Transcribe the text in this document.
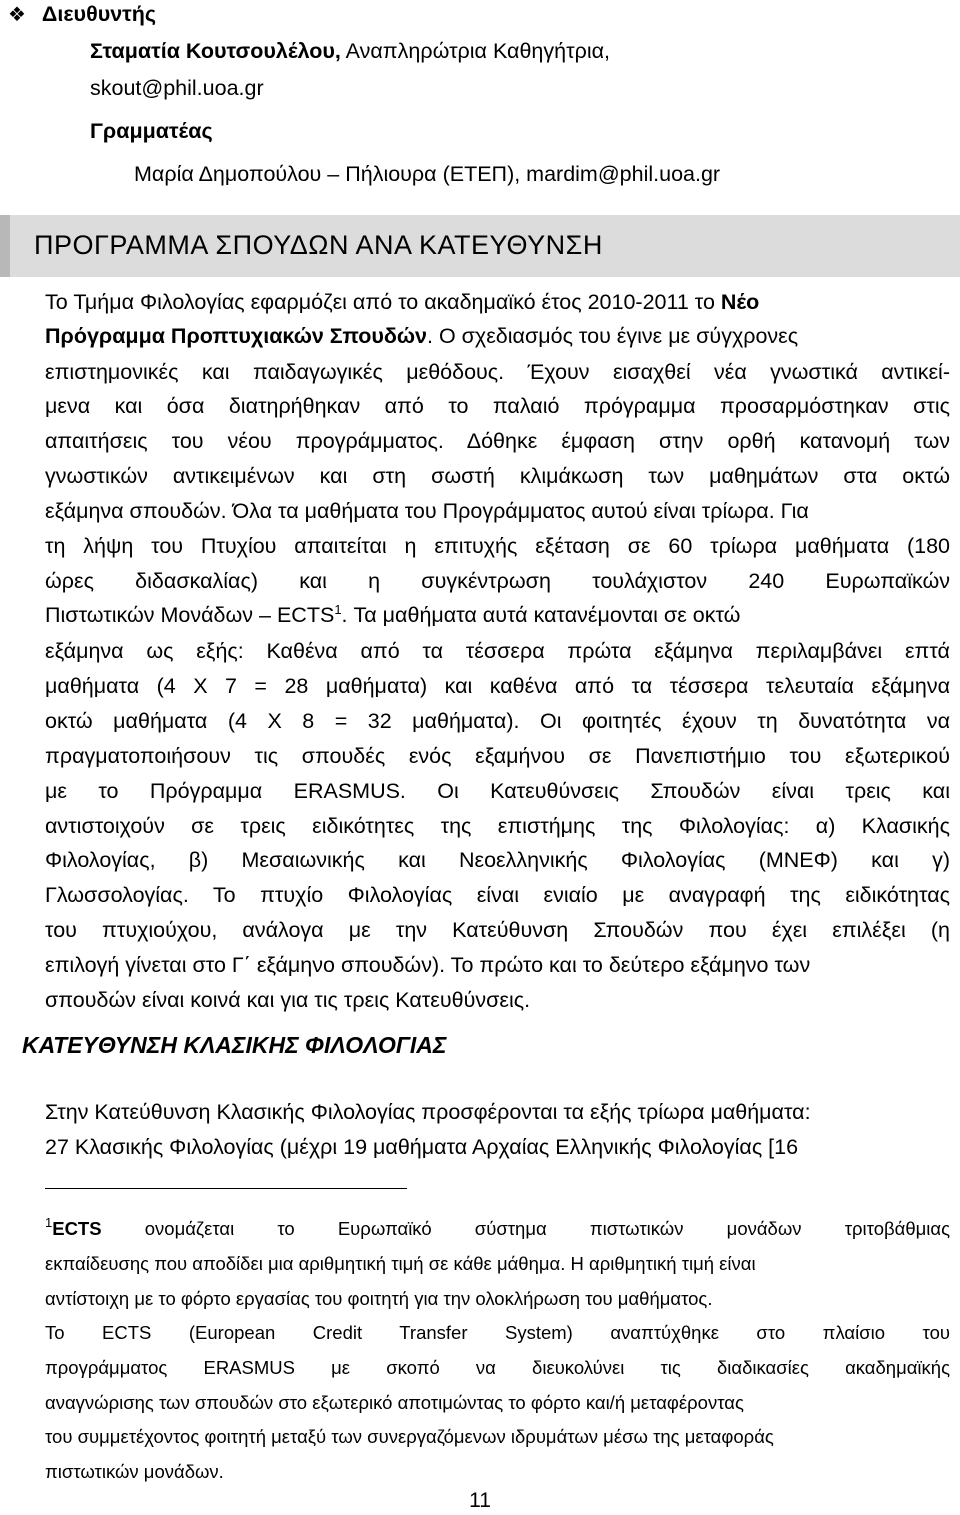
❖ Διευθυντής
Σταματία Κουτσουλέλου, Αναπληρώτρια Καθηγήτρια,
skout@phil.uoa.gr
Γραμματέας
Μαρία Δημοπούλου – Πήλιουρα (ΕΤΕΠ), mardim@phil.uoa.gr
ΠΡΟΓΡΑΜΜΑ ΣΠΟΥΔΩΝ ΑΝΑ ΚΑΤΕΥΘΥΝΣΗ
Το Τμήμα Φιλολογίας εφαρμόζει από το ακαδημαϊκό έτος 2010-2011 το Νέο
Πρόγραμμα Προπτυχιακών Σπουδών. Ο σχεδιασμός του έγινε με σύγχρονες
επιστημονικές και παιδαγωγικές μεθόδους. Έχουν εισαχθεί νέα γνωστικά αντικεί-
μενα και όσα διατηρήθηκαν από το παλαιό πρόγραμμα προσαρμόστηκαν στις
απαιτήσεις του νέου προγράμματος. Δόθηκε έμφαση στην ορθή κατανομή των
γνωστικών αντικειμένων και στη σωστή κλιμάκωση των μαθημάτων στα οκτώ
εξάμηνα σπουδών. Όλα τα μαθήματα του Προγράμματος αυτού είναι τρίωρα. Για
τη λήψη του Πτυχίου απαιτείται η επιτυχής εξέταση σε 60 τρίωρα μαθήματα (180
ώρες διδασκαλίας) και η συγκέντρωση τουλάχιστον 240 Ευρωπαϊκών
Πιστωτικών Μονάδων – ECTS$^1$. Τα μαθήματα αυτά κατανέμονται σε οκτώ
εξάμηνα ως εξής: Καθένα από τα τέσσερα πρώτα εξάμηνα περιλαμβάνει επτά
μαθήματα (4 Χ 7 = 28 μαθήματα) και καθένα από τα τέσσερα τελευταία εξάμηνα
οκτώ μαθήματα (4 Χ 8 = 32 μαθήματα). Οι φοιτητές έχουν τη δυνατότητα να
πραγματοποιήσουν τις σπουδές ενός εξαμήνου σε Πανεπιστήμιο του εξωτερικού
με το Πρόγραμμα ERASMUS. Οι Κατευθύνσεις Σπουδών είναι τρεις και
αντιστοιχούν σε τρεις ειδικότητες της επιστήμης της Φιλολογίας: α) Κλασικής
Φιλολογίας, β) Μεσαιωνικής και Νεοελληνικής Φιλολογίας (ΜΝΕΦ) και γ)
Γλωσσολογίας. Το πτυχίο Φιλολογίας είναι ενιαίο με αναγραφή της ειδικότητας
του πτυχιούχου, ανάλογα με την Κατεύθυνση Σπουδών που έχει επιλέξει (η
επιλογή γίνεται στο Γ΄ εξάμηνο σπουδών). Το πρώτο και το δεύτερο εξάμηνο των
σπουδών είναι κοινά και για τις τρεις Κατευθύνσεις.
ΚΑΤΕΥΘΥΝΣΗ ΚΛΑΣΙΚΗΣ ΦΙΛΟΛΟΓΙΑΣ
Στην Κατεύθυνση Κλασικής Φιλολογίας προσφέρονται τα εξής τρίωρα μαθήματα:
27 Κλασικής Φιλολογίας (μέχρι 19 μαθήματα Αρχαίας Ελληνικής Φιλολογίας [16
$^1$ECTS ονομάζεται το Ευρωπαϊκό σύστημα πιστωτικών μονάδων τριτοβάθμιας
εκπαίδευσης που αποδίδει μια αριθμητική τιμή σε κάθε μάθημα. Η αριθμητική τιμή είναι
αντίστοιχη με το φόρτο εργασίας του φοιτητή για την ολοκλήρωση του μαθήματος.
Το ECTS (European Credit Transfer System) αναπτύχθηκε στο πλαίσιο του
προγράμματος ERASMUS με σκοπό να διευκολύνει τις διαδικασίες ακαδημαϊκής
αναγνώρισης των σπουδών στο εξωτερικό αποτιμώντας το φόρτο και/ή μεταφέροντας
του συμμετέχοντος φοιτητή μεταξύ των συνεργαζόμενων ιδρυμάτων μέσω της μεταφοράς
πιστωτικών μονάδων.
11
